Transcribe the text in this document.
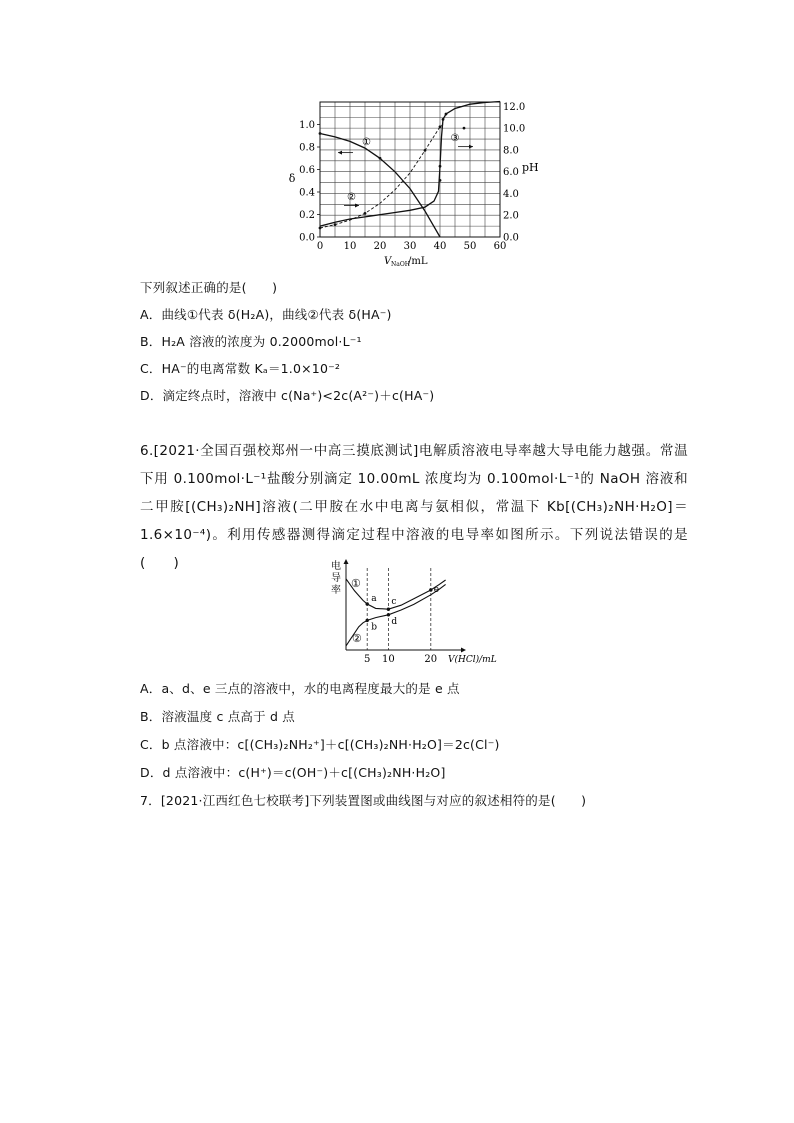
0.0
0.2
0.4
0.6
0.8
1.0
0.0
2.0
4.0
6.0
8.0
10.0
12.0
0 10 20 30 40 50 60
δ
pH
V NaOH
/mL
①
②
③
下列叙述正确的是(　　)
A．曲线①代表 δ(H₂A)，曲线②代表 δ(HA⁻)
B．H₂A 溶液的浓度为 0.2000mol·L⁻¹
C．HA⁻的电离常数 Kₐ＝1.0×10⁻²
D．滴定终点时，溶液中 c(Na⁺)<2c(A²⁻)＋c(HA⁻)
6.[2021·全国百强校郑州一中高三摸底测试]电解质溶液电导率越大导电能力越强。常温下用 0.100mol·L⁻¹盐酸分别滴定 10.00mL 浓度均为 0.100mol·L⁻¹的 NaOH 溶液和二甲胺[(CH₃)₂NH]溶液(二甲胺在水中电离与氨相似，常温下 Kb[(CH₃)₂NH·H₂O]＝1.6×10⁻⁴)。利用传感器测得滴定过程中溶液的电导率如图所示。下列说法错误的是(　　)	电
导
率
5 10	20 V(HCl)/mL
①
②
a
b
c
d
e
A．a、d、e 三点的溶液中，水的电离程度最大的是 e 点
B．溶液温度 c 点高于 d 点
C．b 点溶液中：c[(CH₃)₂NH₂⁺]＋c[(CH₃)₂NH·H₂O]＝2c(Cl⁻)
D．d 点溶液中：c(H⁺)＝c(OH⁻)＋c[(CH₃)₂NH·H₂O]
7．[2021·江西红色七校联考]下列装置图或曲线图与对应的叙述相符的是(　　)
